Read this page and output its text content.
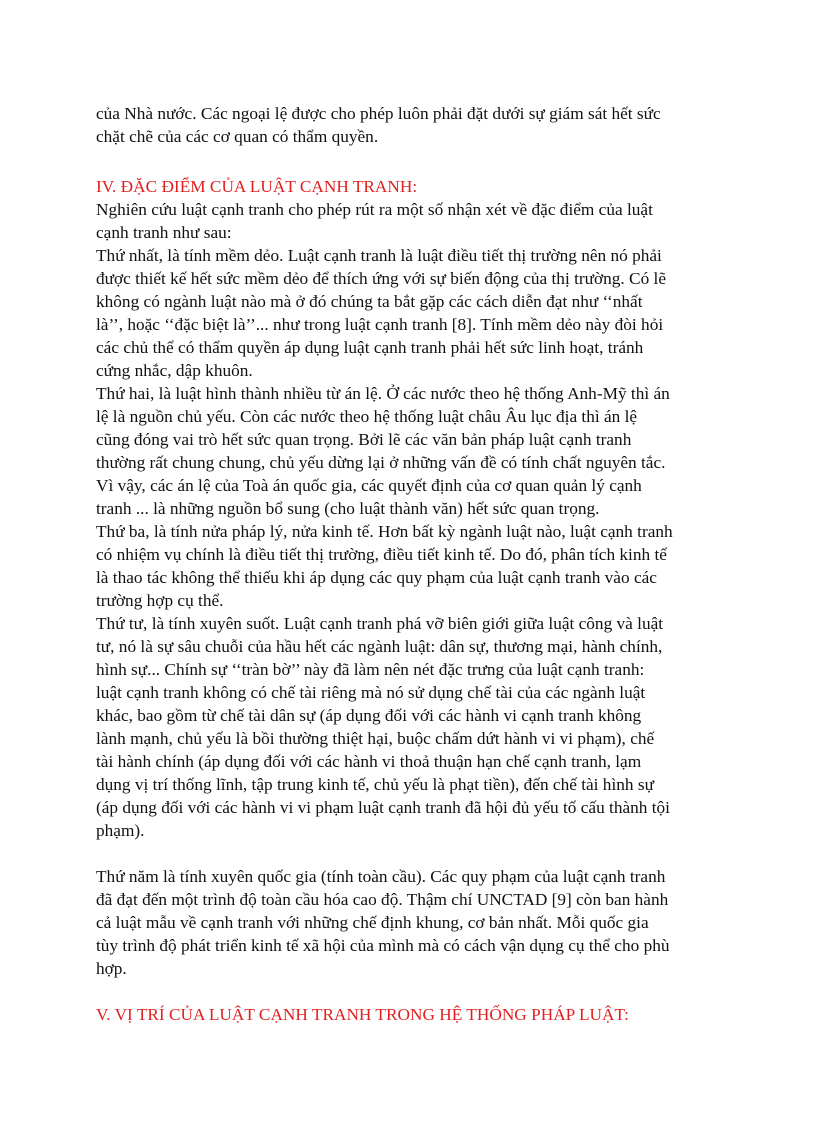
của Nhà nước. Các ngoại lệ được cho phép luôn phải đặt dưới sự giám sát hết sức
chặt chẽ của các cơ quan có thẩm quyền.

IV. ĐẶC ĐIỂM CỦA LUẬT CẠNH TRANH:

Nghiên cứu luật cạnh tranh cho phép rút ra một số nhận xét về đặc điểm của luật
cạnh tranh như sau:

Thứ nhất, là tính mềm dẻo. Luật cạnh tranh là luật điều tiết thị trường nên nó phải
được thiết kế hết sức mềm dẻo để thích ứng với sự biến động của thị trường. Có lẽ
không có ngành luật nào mà ở đó chúng ta bắt gặp các cách diễn đạt như ‘‘nhất
là’’, hoặc ‘‘đặc biệt là’’... như trong luật cạnh tranh [8]. Tính mềm dẻo này đòi hỏi
các chủ thể có thẩm quyền áp dụng luật cạnh tranh phải hết sức linh hoạt, tránh
cứng nhắc, dập khuôn.

Thứ hai, là luật hình thành nhiều từ án lệ. Ở các nước theo hệ thống Anh-Mỹ thì án
lệ là nguồn chủ yếu. Còn các nước theo hệ thống luật châu Âu lục địa thì án lệ
cũng đóng vai trò hết sức quan trọng. Bởi lẽ các văn bản pháp luật cạnh tranh
thường rất chung chung, chủ yếu dừng lại ở những vấn đề có tính chất nguyên tắc.
Vì vậy, các án lệ của Toà án quốc gia, các quyết định của cơ quan quản lý cạnh
tranh ... là những nguồn bổ sung (cho luật thành văn) hết sức quan trọng.

Thứ ba, là tính nửa pháp lý, nửa kinh tế. Hơn bất kỳ ngành luật nào, luật cạnh tranh
có nhiệm vụ chính là điều tiết thị trường, điều tiết kinh tế. Do đó, phân tích kinh tế
là thao tác không thể thiếu khi áp dụng các quy phạm của luật cạnh tranh vào các
trường hợp cụ thể.

Thứ tư, là tính xuyên suốt. Luật cạnh tranh phá vỡ biên giới giữa luật công và luật
tư, nó là sự sâu chuỗi của hầu hết các ngành luật: dân sự, thương mại, hành chính,
hình sự... Chính sự ‘‘tràn bờ’’ này đã làm nên nét đặc trưng của luật cạnh tranh:
luật cạnh tranh không có chế tài riêng mà nó sử dụng chế tài của các ngành luật
khác, bao gồm từ chế tài dân sự (áp dụng đối với các hành vi cạnh tranh không
lành mạnh, chủ yếu là bồi thường thiệt hại, buộc chấm dứt hành vi vi phạm), chế
tài hành chính (áp dụng đối với các hành vi thoả thuận hạn chế cạnh tranh, lạm
dụng vị trí thống lĩnh, tập trung kinh tế, chủ yếu là phạt tiền), đến chế tài hình sự
(áp dụng đối với các hành vi vi phạm luật cạnh tranh đã hội đủ yếu tố cấu thành tội
phạm).

Thứ năm là tính xuyên quốc gia (tính toàn cầu). Các quy phạm của luật cạnh tranh
đã đạt đến một trình độ toàn cầu hóa cao độ. Thậm chí UNCTAD [9] còn ban hành
cả luật mẫu về cạnh tranh với những chế định khung, cơ bản nhất. Mỗi quốc gia
tùy trình độ phát triển kinh tế xã hội của mình mà có cách vận dụng cụ thể cho phù
hợp.

V. VỊ TRÍ CỦA LUẬT CẠNH TRANH TRONG HỆ THỐNG PHÁP LUẬT:
